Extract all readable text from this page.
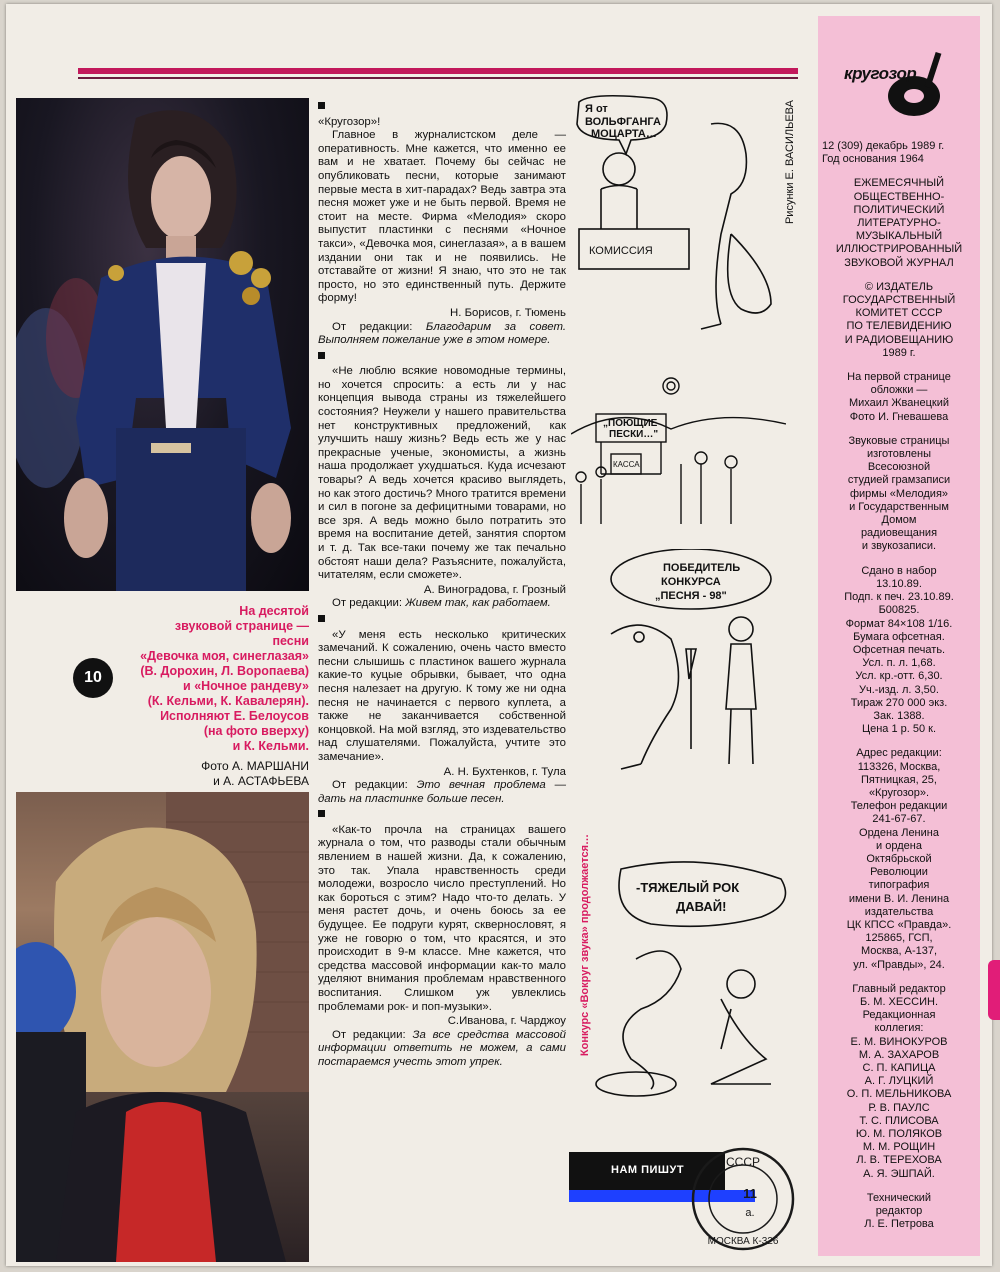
На десятой
звуковой странице —
песни
«Девочка моя, синеглазая»
(В. Дорохин, Л. Воропаева)
и «Ночное рандеву»
(К. Кельми, К. Кавалерян).
Исполняют Е. Белоусов
(на фото вверху)
и К. Кельми.
10
Фото А. МАРШАНИ
и А. АСТАФЬЕВА

«Кругозор»!

Главное в журналистском деле — оперативность. Мне кажется, что именно ее вам и не хватает. Почему бы сейчас не опубликовать песни, которые занимают первые места в хит-парадах? Ведь завтра эта песня может уже и не быть первой. Время не стоит на месте. Фирма «Мелодия» скоро выпустит пластинки с песнями «Ночное такси», «Девочка моя, синеглазая», а в вашем издании они так и не появились. Не отставайте от жизни! Я знаю, что это не так просто, но это единственный путь. Держите форму!

Н. Борисов, г. Тюмень

От редакции: Благодарим за совет. Выполняем пожелание уже в этом номере.

«Не люблю всякие новомодные термины, но хочется спросить: а есть ли у нас концепция вывода страны из тяжелейшего состояния? Неужели у нашего правительства нет конструктивных предложений, как улучшить нашу жизнь? Ведь есть же у нас прекрасные ученые, экономисты, а жизнь наша продолжает ухудшаться. Куда исчезают товары? А ведь хочется красиво выглядеть, но как этого достичь? Много тратится времени и сил в погоне за дефицитными товарами, но все зря. А ведь можно было потратить это время на воспитание детей, занятия спортом и т. д. Так все-таки почему же так печально обстоят наши дела? Разъясните, пожалуйста, читателям, если сможете».

А. Виноградова, г. Грозный

От редакции: Живем так, как работаем.

«У меня есть несколько критических замечаний. К сожалению, очень часто вместо песни слышишь с пластинок вашего журнала какие-то куцые обрывки, бывает, что одна песня налезает на другую. К тому же ни одна песня не начинается с первого куплета, а также не заканчивается собственной концовкой. На мой взгляд, это издевательство над слушателями. Пожалуйста, учтите это замечание».

А. Н. Бухтенков, г. Тула

От редакции: Это вечная проблема — дать на пластинке больше песен.

«Как-то прочла на страницах вашего журнала о том, что разводы стали обычным явлением в нашей жизни. Да, к сожалению, это так. Упала нравственность среди молодежи, возросло число преступлений. Но как бороться с этим? Надо что-то делать. У меня растет дочь, и очень боюсь за ее будущее. Ее подруги курят, сквернословят, я уже не говорю о том, что красятся, и это происходит в 9-м классе. Мне кажется, что средства массовой информации как-то мало уделяют внимания проблемам нравственного воспитания. Слишком уж увлеклись проблемами рок- и поп-музыки».

С.Иванова, г. Чарджоу

От редакции: За все средства массовой информации ответить не можем, а сами постараемся учесть этот упрек.

НАМ ПИШУТ
СССР
11
а.
МОСКВА К-326
Я от
ВОЛЬФГАНГА
МОЦАРТА…
КОМИССИЯ
Рисунки Е. ВАСИЛЬЕВА
„ПОЮЩИЕ
ПЕСКИ…"
КАССА
ПОБЕДИТЕЛЬ
КОНКУРСА
„ПЕСНЯ - 98"
-ТЯЖЕЛЫЙ РОК
ДАВАЙ!
Конкурс «Вокруг звука» продолжается…
кругозор
12 (309) декабрь 1989 г.
Год основания 1964
ЕЖЕМЕСЯЧНЫЙ
ОБЩЕСТВЕННО-
ПОЛИТИЧЕСКИЙ
ЛИТЕРАТУРНО-
МУЗЫКАЛЬНЫЙ
ИЛЛЮСТРИРОВАННЫЙ
ЗВУКОВОЙ ЖУРНАЛ
© ИЗДАТЕЛЬ
ГОСУДАРСТВЕННЫЙ
КОМИТЕТ СССР
ПО ТЕЛЕВИДЕНИЮ
И РАДИОВЕЩАНИЮ
1989 г.
На первой странице
обложки —
Михаил Жванецкий
Фото И. Гневашева
Звуковые страницы
изготовлены
Всесоюзной
студией грамзаписи
фирмы «Мелодия»
и Государственным
Домом
радиовещания
и звукозаписи.
Сдано в набор
13.10.89.
Подп. к печ. 23.10.89.
Б00825.
Формат 84×108 1/16.
Бумага офсетная.
Офсетная печать.
Усл. п. л. 1,68.
Усл. кр.-отт. 6,30.
Уч.-изд. л. 3,50.
Тираж 270 000 экз.
Зак. 1388.
Цена 1 р. 50 к.
Адрес редакции:
113326, Москва,
Пятницкая, 25,
«Кругозор».
Телефон редакции
241-67-67.
Ордена Ленина
и ордена
Октябрьской
Революции
типография
имени В. И. Ленина
издательства
ЦК КПСС «Правда».
125865, ГСП,
Москва, А-137,
ул. «Правды», 24.
Главный редактор
Б. М. ХЕССИН.
Редакционная
коллегия:
Е. М. ВИНОКУРОВ
М. А. ЗАХАРОВ
С. П. КАПИЦА
А. Г. ЛУЦКИЙ
О. П. МЕЛЬНИКОВА
Р. В. ПАУЛС
Т. С. ПЛИСОВА
Ю. М. ПОЛЯКОВ
М. М. РОЩИН
Л. В. ТЕРЕХОВА
А. Я. ЭШПАЙ.
Технический
редактор
Л. Е. Петрова
